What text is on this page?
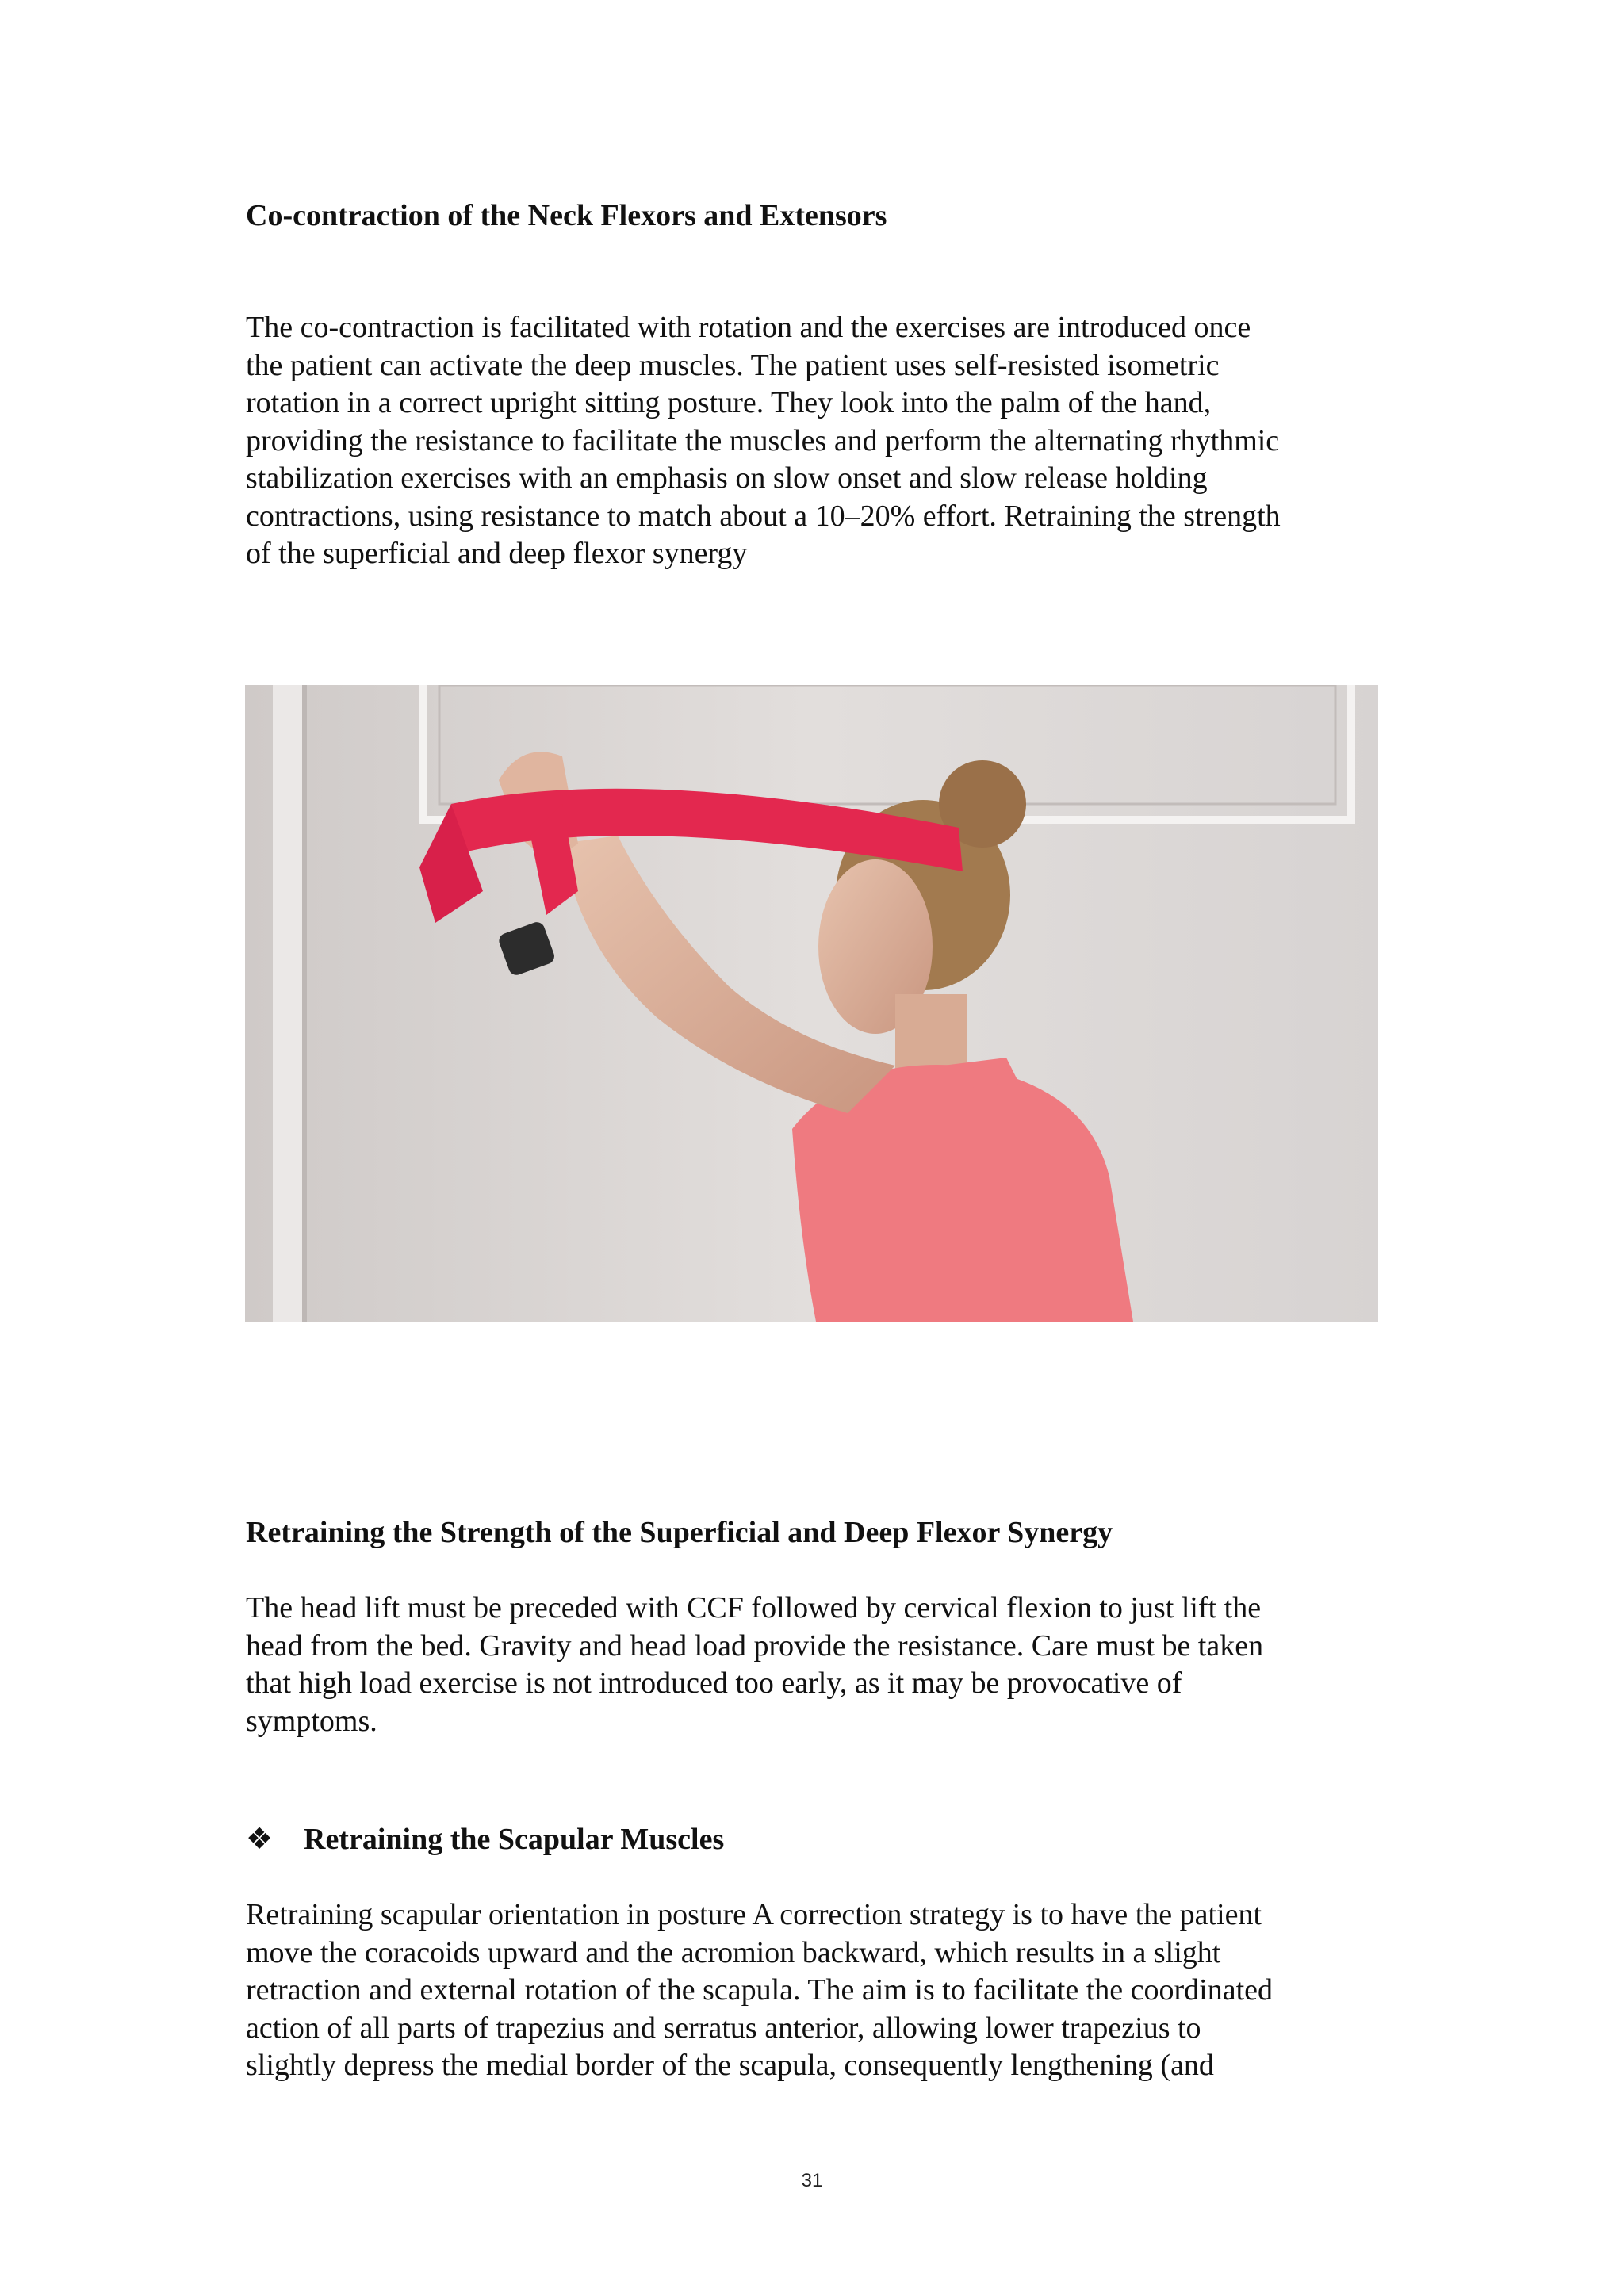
Co-contraction of the Neck Flexors and Extensors
The co-contraction is facilitated with rotation and the exercises are introduced once
the patient can activate the deep muscles. The patient uses self-resisted isometric
rotation in a correct upright sitting posture. They look into the palm of the hand,
providing the resistance to facilitate the muscles and perform the alternating rhythmic
stabilization exercises with an emphasis on slow onset and slow release holding
contractions, using resistance to match about a 10–20% effort. Retraining the strength
of the superficial and deep flexor synergy
Retraining the Strength of the Superficial and Deep Flexor Synergy
The head lift must be preceded with CCF followed by cervical flexion to just lift the
head from the bed. Gravity and head load provide the resistance. Care must be taken
that high load exercise is not introduced too early, as it may be provocative of
symptoms.
❖ Retraining the Scapular Muscles
Retraining scapular orientation in posture A correction strategy is to have the patient
move the coracoids upward and the acromion backward, which results in a slight
retraction and external rotation of the scapula. The aim is to facilitate the coordinated
action of all parts of trapezius and serratus anterior, allowing lower trapezius to
slightly depress the medial border of the scapula, consequently lengthening (and
31
